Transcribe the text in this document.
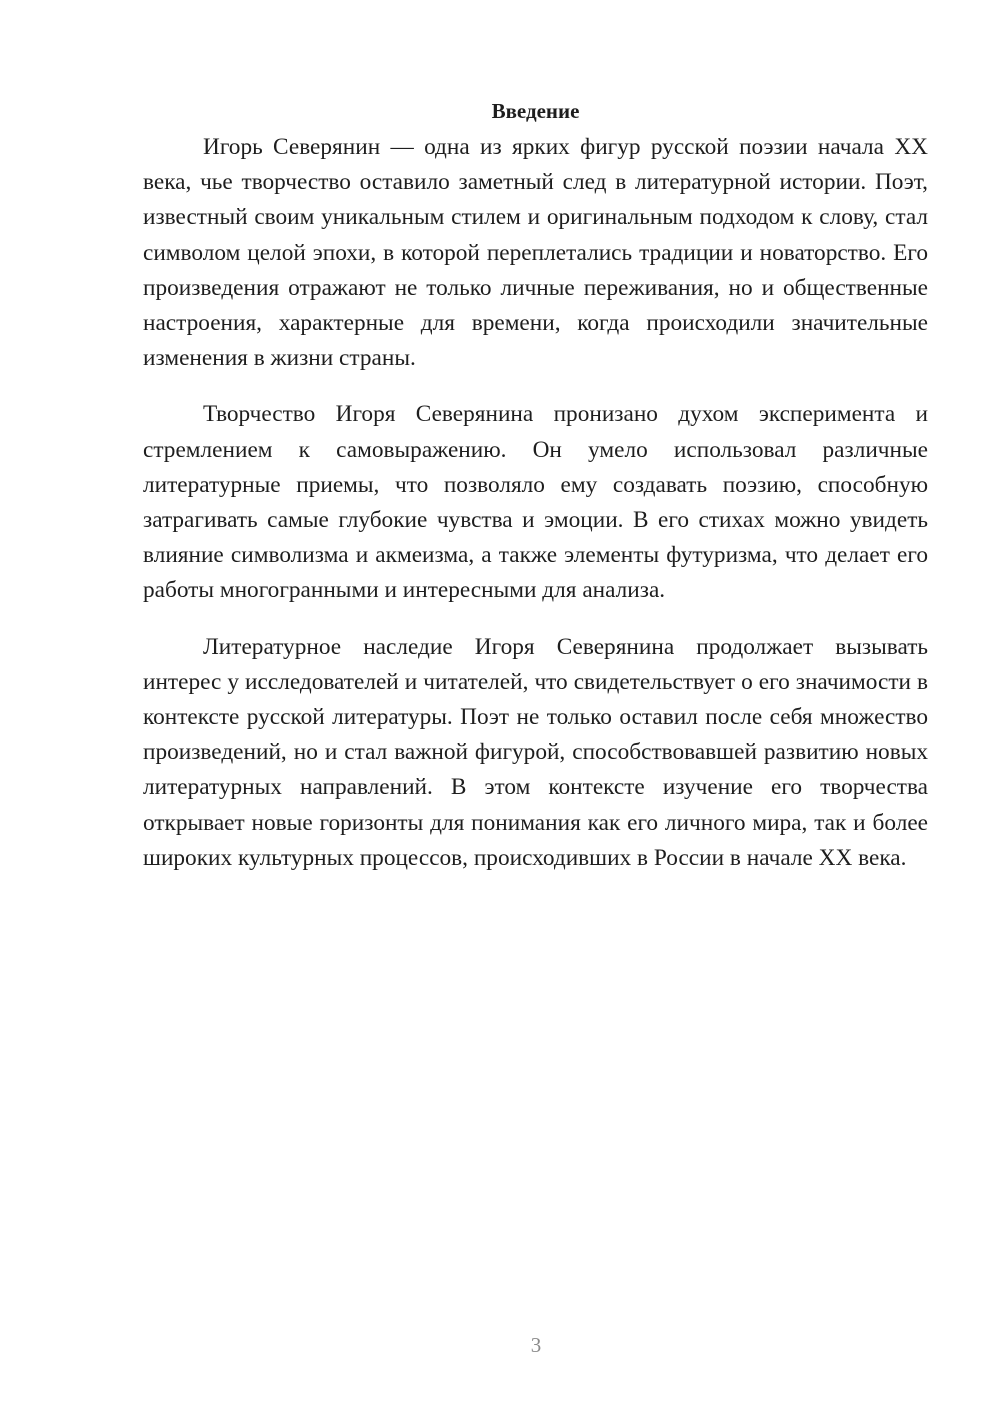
Введение

Игорь Северянин — одна из ярких фигур русской поэзии начала XX века, чье творчество оставило заметный след в литературной истории. Поэт, известный своим уникальным стилем и оригинальным подходом к слову, стал символом целой эпохи, в которой переплетались традиции и новаторство. Его произведения отражают не только личные переживания, но и общественные настроения, характерные для времени, когда происходили значительные изменения в жизни страны.

Творчество Игоря Северянина пронизано духом эксперимента и стремлением к самовыражению. Он умело использовал различные литературные приемы, что позволяло ему создавать поэзию, способную затрагивать самые глубокие чувства и эмоции. В его стихах можно увидеть влияние символизма и акмеизма, а также элементы футуризма, что делает его работы многогранными и интересными для анализа.

Литературное наследие Игоря Северянина продолжает вызывать интерес у исследователей и читателей, что свидетельствует о его значимости в контексте русской литературы. Поэт не только оставил после себя множество произведений, но и стал важной фигурой, способствовавшей развитию новых литературных направлений. В этом контексте изучение его творчества открывает новые горизонты для понимания как его личного мира, так и более широких культурных процессов, происходивших в России в начале XX века.

3
